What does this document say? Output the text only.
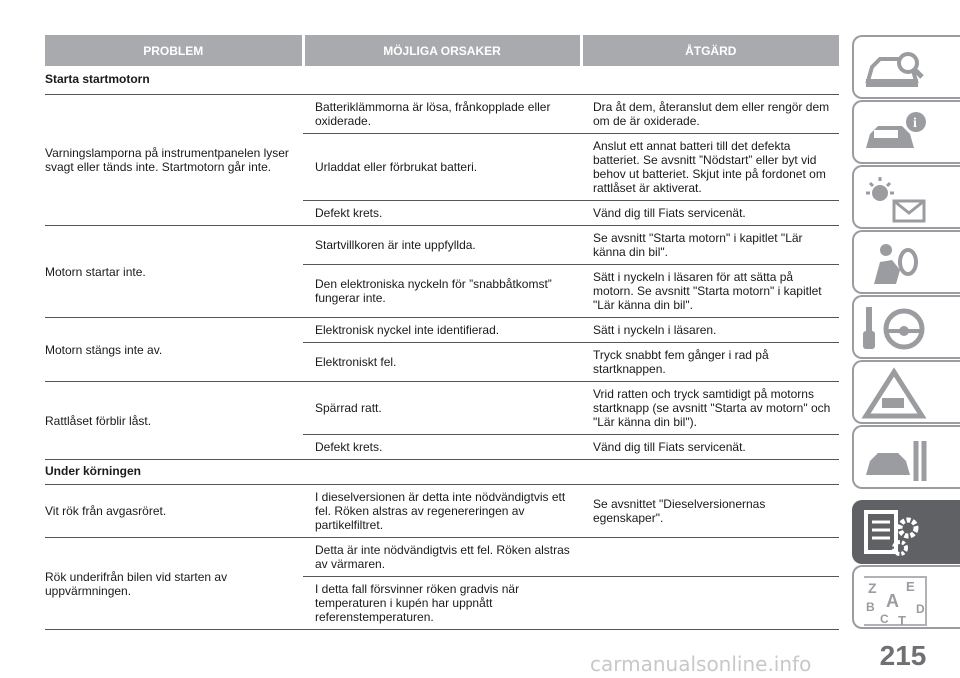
PROBLEM	MÖJLIGA ORSAKER	ÅTGÄRD
Starta startmotorn		
Varningslamporna på instrumentpanelen lyser svagt eller tänds inte. Startmotorn går inte.	Batteriklämmorna är lösa, frånkopplade eller oxiderade.	Dra åt dem, återanslut dem eller rengör dem om de är oxiderade.
	Urladdat eller förbrukat batteri.	Anslut ett annat batteri till det defekta batteriet. Se avsnitt ”Nödstart” eller byt vid behov ut batteriet. Skjut inte på fordonet om rattlåset är aktiverat.
	Defekt krets.	Vänd dig till Fiats servicenät.
Motorn startar inte.	Startvillkoren är inte uppfyllda.	Se avsnitt "Starta motorn" i kapitlet "Lär känna din bil".
	Den elektroniska nyckeln för ”snabbåtkomst” fungerar inte.	Sätt i nyckeln i läsaren för att sätta på motorn. Se avsnitt "Starta motorn" i kapitlet "Lär känna din bil".
Motorn stängs inte av.	Elektronisk nyckel inte identifierad.	Sätt i nyckeln i läsaren.
	Elektroniskt fel.	Tryck snabbt fem gånger i rad på startknappen.
Rattlåset förblir låst.	Spärrad ratt.	Vrid ratten och tryck samtidigt på motorns startknapp (se avsnitt "Starta av motorn" och "Lär känna din bil").
	Defekt krets.	Vänd dig till Fiats servicenät.
Under körningen		
Vit rök från avgasröret.	I dieselversionen är detta inte nödvändigtvis ett fel. Röken alstras av regenereringen av partikelfiltret.	Se avsnittet "Dieselversionernas egenskaper".
Rök underifrån bilen vid starten av uppvärmningen.	Detta är inte nödvändigtvis ett fel. Röken alstras av värmaren.	
	I detta fall försvinner röken gradvis när temperaturen i kupén har uppnått referenstemperaturen.	
i
Z E
A
B	D
C T
215
carmanualsonline.info
